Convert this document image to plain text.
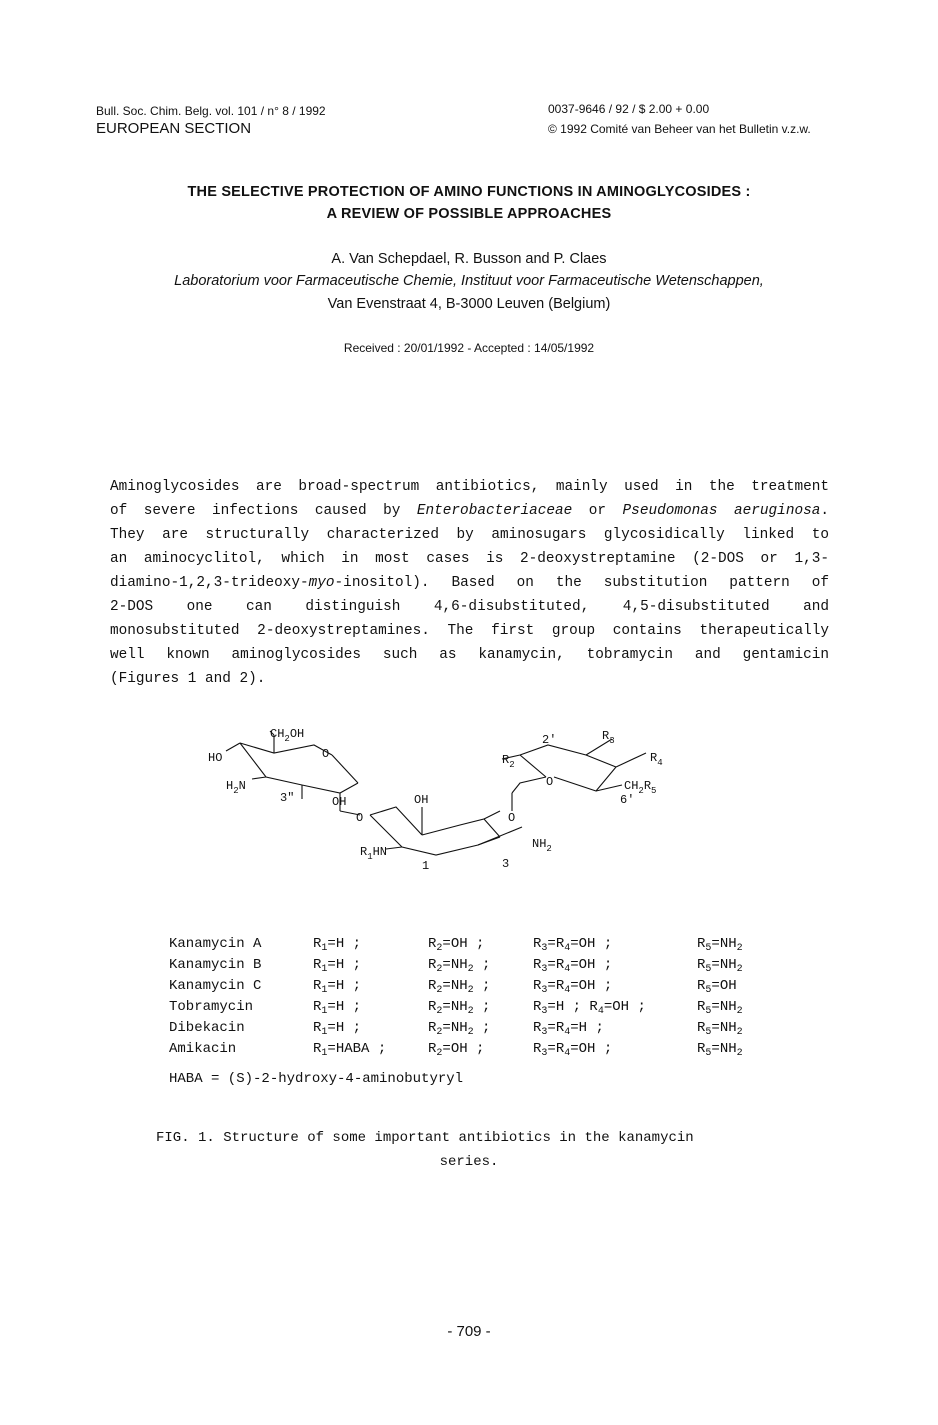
Bull. Soc. Chim. Belg. vol. 101 / n° 8 / 1992
EUROPEAN SECTION
0037-9646 / 92 / $ 2.00 + 0.00
© 1992 Comité van Beheer van het Bulletin v.z.w.
THE SELECTIVE PROTECTION OF AMINO FUNCTIONS IN AMINOGLYCOSIDES :
A REVIEW OF POSSIBLE APPROACHES
A. Van Schepdael, R. Busson and P. Claes
Laboratorium voor Farmaceutische Chemie, Instituut voor Farmaceutische Wetenschappen,
Van Evenstraat 4, B-3000 Leuven (Belgium)
Received : 20/01/1992 - Accepted : 14/05/1992
Aminoglycosides are broad-spectrum antibiotics, mainly used in the treatment
of severe infections caused by Enterobacteriaceae or Pseudomonas aeruginosa.
They are structurally characterized by aminosugars glycosidically linked to
an aminocyclitol, which in most cases is 2-deoxystreptamine (2-DOS or 1,3-
diamino-1,2,3-trideoxy-myo-inositol). Based on the substitution pattern of
2-DOS one can distinguish 4,6-disubstituted, 4,5-disubstituted and
monosubstituted 2-deoxystreptamines. The first group contains therapeutically
well known aminoglycosides such as kanamycin, tobramycin and gentamicin
(Figures 1 and 2).
HO
$CH_2OH$
O
$H_2N$
3"	OH
O
OH
$R_1HN$
1	3
$NH_2$
O
2'
$R_2$
O
$R_3$
$R_4$
$CH_2R_5$
6'
Kanamycin A	$R_1=H$ ;	$R_2=OH$ ;	$R_3=R_4=OH$ ;	$R_5=NH_2$
Kanamycin B	$R_1=H$ ;	$R_2=NH_2$ ;	$R_3=R_4=OH$ ;	$R_5=NH_2$
Kanamycin C	$R_1=H$ ;	$R_2=NH_2$ ;	$R_3=R_4=OH$ ;	$R_5=OH$
Tobramycin	$R_1=H$ ;	$R_2=NH_2$ ;	$R_3=H$ ; $R_4=OH$ ;	$R_5=NH_2$
Dibekacin	$R_1=H$ ;	$R_2=NH_2$ ;	$R_3=R_4=H$ ;	$R_5=NH_2$
Amikacin	$R_1=HABA$ ;	$R_2=OH$ ;	$R_3=R_4=OH$ ;	$R_5=NH_2$
HABA = (S)-2-hydroxy-4-aminobutyryl
FIG. 1. Structure of some important antibiotics in the kanamycin
series.
- 709 -
